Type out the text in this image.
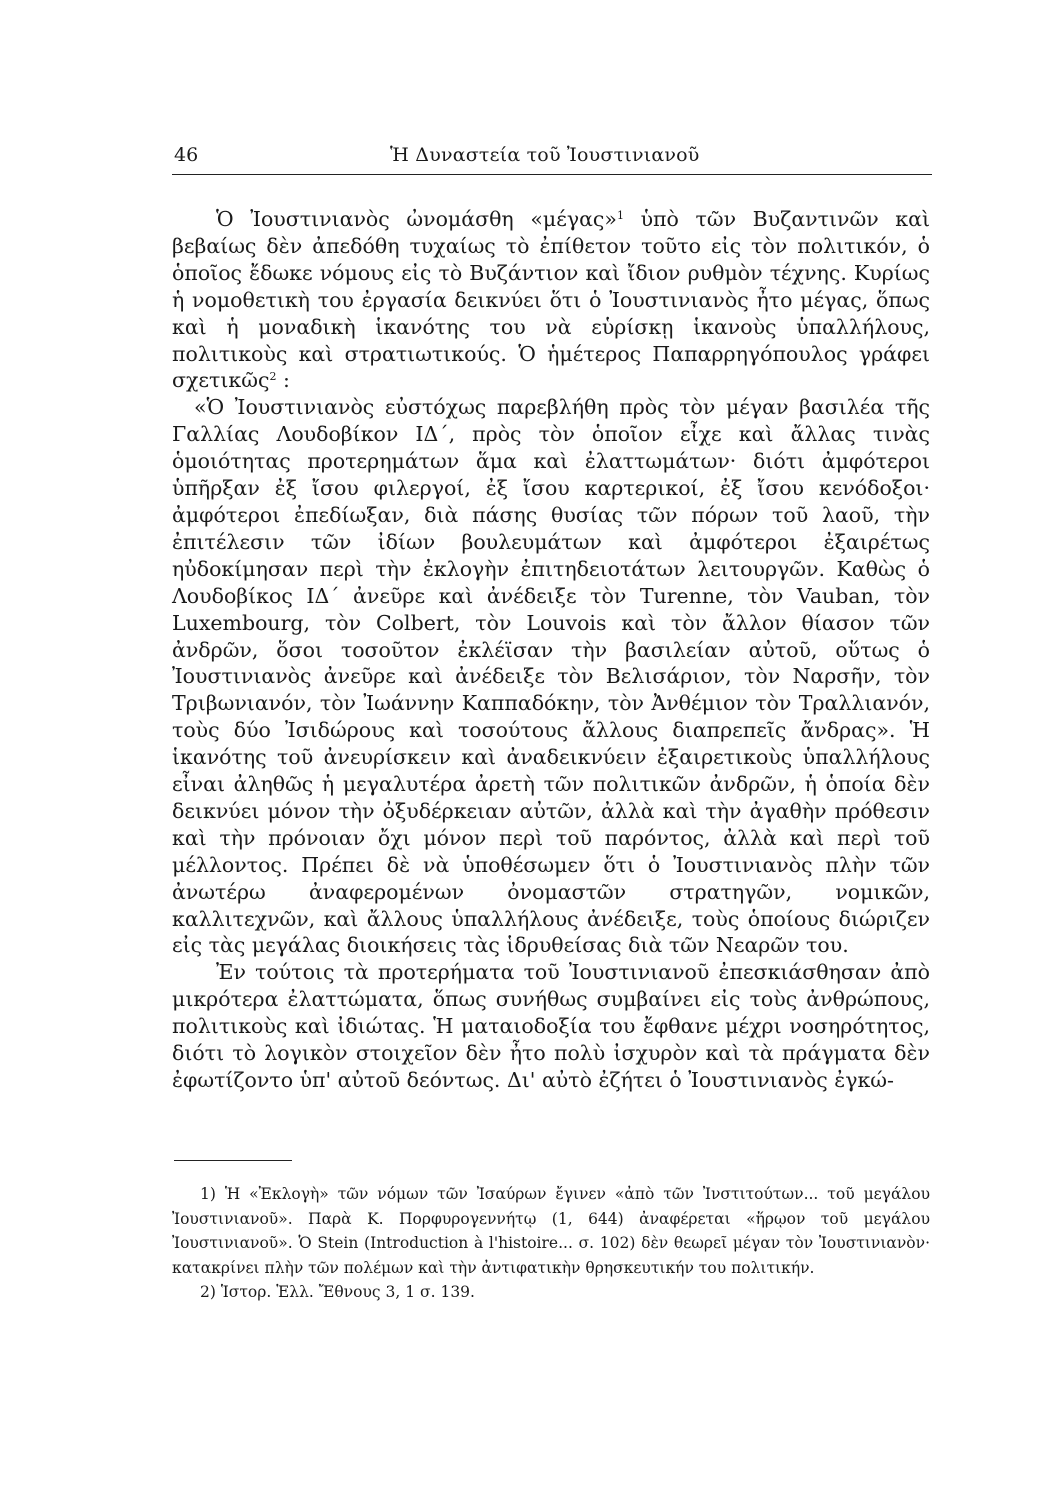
46	Ἡ Δυναστεία τοῦ Ἰουστινιανοῦ

Ὁ Ἰουστινιανὸς ὠνομάσθη «μέγας»$^1$ ὑπὸ τῶν Βυζαντινῶν καὶ βεβαίως δὲν ἀπεδόθη τυχαίως τὸ ἐπίθετον τοῦτο εἰς τὸν πολιτικόν, ὁ ὁποῖος ἔδωκε νόμους εἰς τὸ Βυζάντιον καὶ ἴδιον ρυθμὸν τέχνης. Κυρίως ἡ νομοθετικὴ του ἐργασία δεικνύει ὅτι ὁ Ἰουστινιανὸς ἦτο μέγας, ὅπως καὶ ἡ μοναδικὴ ἱκανότης του νὰ εὑρίσκῃ ἱκανοὺς ὑπαλλήλους, πολιτικοὺς καὶ στρατιωτικούς. Ὁ ἡμέτερος Παπαρρηγόπουλος γράφει σχετικῶς$^2$ :

«Ὁ Ἰουστινιανὸς εὐστόχως παρεβλήθη πρὸς τὸν μέγαν βασιλέα τῆς Γαλλίας Λουδοβίκον ΙΔ΄, πρὸς τὸν ὁποῖον εἶχε καὶ ἄλλας τινὰς ὁμοιότητας προτερημάτων ἅμα καὶ ἐλαττωμάτων· διότι ἀμφότεροι ὑπῆρξαν ἐξ ἴσου φιλεργοί, ἐξ ἴσου καρτερικοί, ἐξ ἴσου κενόδοξοι· ἀμφότεροι ἐπεδίωξαν, διὰ πάσης θυσίας τῶν πόρων τοῦ λαοῦ, τὴν ἐπιτέλεσιν τῶν ἰδίων βουλευμάτων καὶ ἀμφότεροι ἐξαιρέτως ηὐδοκίμησαν περὶ τὴν ἐκλογὴν ἐπιτηδειοτάτων λειτουργῶν. Καθὼς ὁ Λουδοβίκος ΙΔ΄ ἀνεῦρε καὶ ἀνέδειξε τὸν Turenne, τὸν Vauban, τὸν Luxembourg, τὸν Colbert, τὸν Louvois καὶ τὸν ἄλλον θίασον τῶν ἀνδρῶν, ὅσοι τοσοῦτον ἐκλέϊσαν τὴν βασιλείαν αὐτοῦ, οὕτως ὁ Ἰουστινιανὸς ἀνεῦρε καὶ ἀνέδειξε τὸν Βελισάριον, τὸν Ναρσῆν, τὸν Τριβωνιανόν, τὸν Ἰωάννην Καππαδόκην, τὸν Ἀνθέμιον τὸν Τραλλιανόν, τοὺς δύο Ἰσιδώρους καὶ τοσούτους ἄλλους διαπρεπεῖς ἄνδρας». Ἡ ἱκανότης τοῦ ἀνευρίσκειν καὶ ἀναδεικνύειν ἐξαιρετικοὺς ὑπαλλήλους εἶναι ἀληθῶς ἡ μεγαλυτέρα ἀρετὴ τῶν πολιτικῶν ἀνδρῶν, ἡ ὁποία δὲν δεικνύει μόνον τὴν ὀξυδέρκειαν αὐτῶν, ἀλλὰ καὶ τὴν ἀγαθὴν πρόθεσιν καὶ τὴν πρόνοιαν ὄχι μόνον περὶ τοῦ παρόντος, ἀλλὰ καὶ περὶ τοῦ μέλλοντος. Πρέπει δὲ νὰ ὑποθέσωμεν ὅτι ὁ Ἰουστινιανὸς πλὴν τῶν ἀνωτέρω ἀναφερομένων ὀνομαστῶν στρατηγῶν, νομικῶν, καλλιτεχνῶν, καὶ ἄλλους ὑπαλλήλους ἀνέδειξε, τοὺς ὁποίους διώριζεν εἰς τὰς μεγάλας διοικήσεις τὰς ἱδρυθείσας διὰ τῶν Νεαρῶν του.

Ἐν τούτοις τὰ προτερήματα τοῦ Ἰουστινιανοῦ ἐπεσκιάσθησαν ἀπὸ μικρότερα ἐλαττώματα, ὅπως συνήθως συμβαίνει εἰς τοὺς ἀνθρώπους, πολιτικοὺς καὶ ἰδιώτας. Ἡ ματαιοδοξία του ἔφθανε μέχρι νοσηρότητος, διότι τὸ λογικὸν στοιχεῖον δὲν ἦτο πολὺ ἰσχυρὸν καὶ τὰ πράγματα δὲν ἐφωτίζοντο ὑπ' αὐτοῦ δεόντως. Δι' αὐτὸ ἐζήτει ὁ Ἰουστινιανὸς ἐγκώ-

1) Ἡ «Ἐκλογὴ» τῶν νόμων τῶν Ἰσαύρων ἔγινεν «ἀπὸ τῶν Ἰνστιτούτων... τοῦ μεγάλου Ἰουστινιανοῦ». Παρὰ Κ. Πορφυρογεννήτῳ (1, 644) ἀναφέρεται «ἥρῳον τοῦ μεγάλου Ἰουστινιανοῦ». Ὁ Stein (Introduction à l'histoire... σ. 102) δὲν θεωρεῖ μέγαν τὸν Ἰουστινιανὸν· κατακρίνει πλὴν τῶν πολέμων καὶ τὴν ἀντιφατικὴν θρησκευτικήν του πολιτικήν.

2) Ἱστορ. Ἑλλ. Ἔθνους 3, 1 σ. 139.
